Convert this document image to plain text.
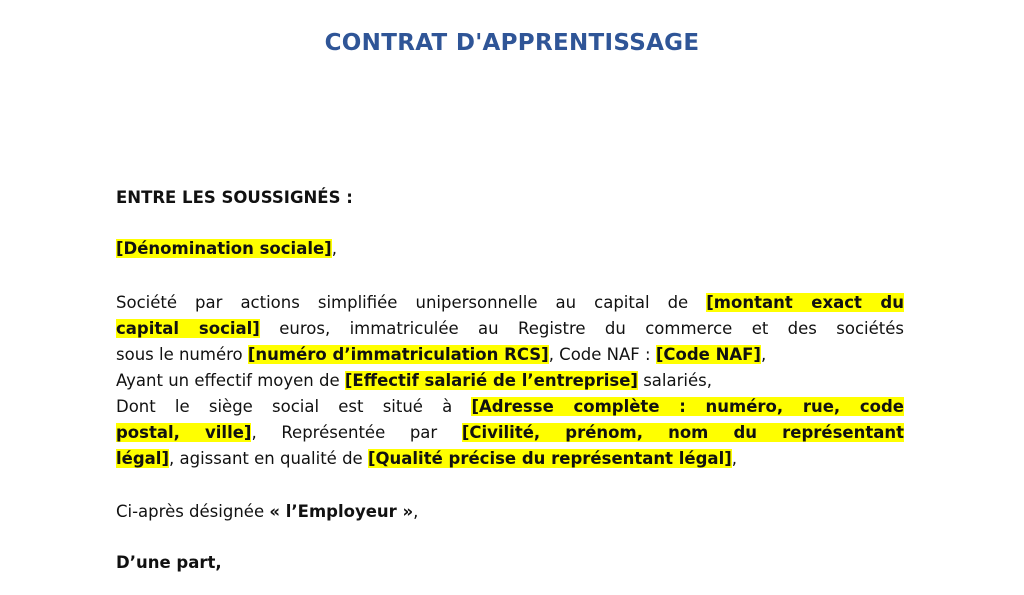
CONTRAT D'APPRENTISSAGE
ENTRE LES SOUSSIGNÉS :
[Dénomination sociale],
Société par actions simplifiée unipersonnelle au capital de [montant exact du
capital social] euros, immatriculée au Registre du commerce et des sociétés
sous le numéro [numéro d’immatriculation RCS], Code NAF : [Code NAF],
Ayant un effectif moyen de [Effectif salarié de l’entreprise] salariés,
Dont le siège social est situé à [Adresse complète : numéro, rue, code
postal, ville], Représentée par [Civilité, prénom, nom du représentant
légal], agissant en qualité de [Qualité précise du représentant légal],
Ci-après désignée « l’Employeur »,
D’une part,
